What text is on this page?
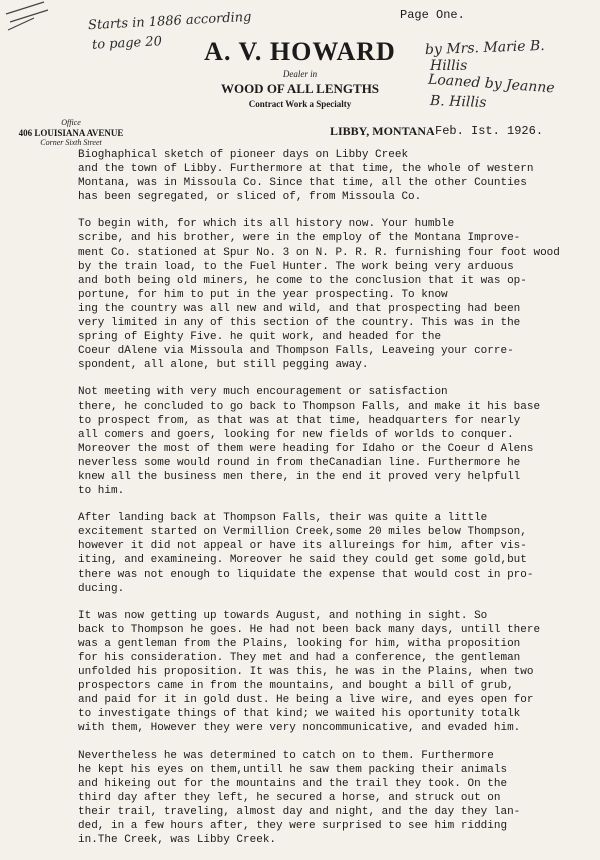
Starts in 1886 according
to page 20
Page One.
by Mrs. Marie B.
Hillis
Loaned by Jeanne
B. Hillis
A. V. HOWARD
Dealer in
WOOD OF ALL LENGTHS
Contract Work a Specialty
Office
406 LOUISIANA AVENUE
Corner Sixth Street
LIBBY, MONTANA Feb. Ist. 1926.
Bioghaphical sketch of pioneer days on Libby Creek
and the town of Libby. Furthermore at that time, the whole of western
Montana, was in Missoula Co. Since that time, all the other Counties
has been segregated, or sliced of, from Missoula Co.
To begin with, for which its all history now. Your humble
scribe, and his brother, were in the employ of the Montana Improve-
ment Co. stationed at Spur No. 3 on N. P. R. R. furnishing four foot wood
by the train load, to the Fuel Hunter. The work being very arduous
and both being old miners, he come to the conclusion that it was op-
portune, for him to put in the year prospecting. To know
ing the country was all new and wild, and that prospecting had been
very limited in any of this section of the country. This was in the
spring of Eighty Five. he quit work, and headed for the
Coeur dAlene via Missoula and Thompson Falls, Leaveing your corre-
spondent, all alone, but still pegging away.
Not meeting with very much encouragement or satisfaction
there, he concluded to go back to Thompson Falls, and make it his base
to prospect from, as that was at that time, headquarters for nearly
all comers and goers, looking for new fields of worlds to conquer.
Moreover the most of them were heading for Idaho or the Coeur d Alens
neverless some would round in from theCanadian line. Furthermore he
knew all the business men there, in the end it proved very helpfull
to him.
After landing back at Thompson Falls, their was quite a little
excitement started on Vermillion Creek,some 20 miles below Thompson,
however it did not appeal or have its allureings for him, after vis-
iting, and examineing. Moreover he said they could get some gold,but
there was not enough to liquidate the expense that would cost in pro-
ducing.
It was now getting up towards August, and nothing in sight. So
back to Thompson he goes. He had not been back many days, untill there
was a gentleman from the Plains, looking for him, witha proposition
for his consideration. They met and had a conference, the gentleman
unfolded his proposition. It was this, he was in the Plains, when two
prospectors came in from the mountains, and bought a bill of grub,
and paid for it in gold dust. He being a live wire, and eyes open for
to investigate things of that kind; we waited his oportunity totalk
with them, However they were very noncommunicative, and evaded him.
Nevertheless he was determined to catch on to them. Furthermore
he kept his eyes on them,untill he saw them packing their animals
and hikeing out for the mountains and the trail they took. On the
third day after they left, he secured a horse, and struck out on
their trail, traveling, almost day and night, and the day they lan-
ded, in a few hours after, they were surprised to see him ridding
in.The Creek, was Libby Creek.
